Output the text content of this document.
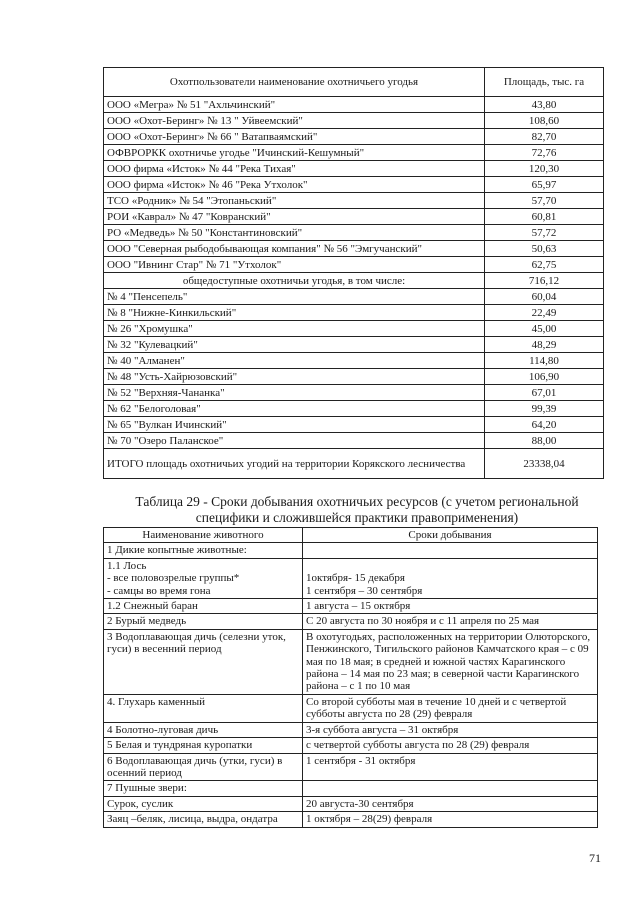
Охотпользователи наименование охотничьего угодья	Площадь, тыс. га
ООО «Мегра» № 51 "Ахльчинский"	43,80
ООО «Охот-Беринг» № 13 " Уйвеемский"	108,60
ООО «Охот-Беринг» № 66 " Ватапваямский"	82,70
ОФВРОРКК охотничье угодье "Ичинский-Кешумный"	72,76
ООО фирма «Исток» № 44 "Река Тихая"	120,30
ООО фирма «Исток» № 46 "Река Утхолок"	65,97
ТСО «Родник» № 54 "Этопаньский"	57,70
РОИ «Каврал» № 47 "Ковранский"	60,81
РО «Медведь» № 50 "Константиновский"	57,72
ООО "Северная рыбодобывающая компания" № 56 "Эмгучанский"	50,63
ООО "Ивнинг Стар" № 71 "Утхолок"	62,75
общедоступные охотничьи угодья, в том числе:	716,12
№ 4 "Пенсепель"	60,04
№ 8 "Нижне-Кинкильский"	22,49
№ 26 "Хромушка"	45,00
№ 32 "Кулевацкий"	48,29
№ 40 "Алманен"	114,80
№ 48 "Усть-Хайрюзовский"	106,90
№ 52 "Верхняя-Чананка"	67,01
№ 62 "Белоголовая"	99,39
№ 65 "Вулкан Ичинский"	64,20
№ 70 "Озеро Паланское"	88,00
ИТОГО площадь охотничьих угодий на территории Корякского лесничества	23338,04
Таблица 29 - Сроки добывания охотничьих ресурсов (с учетом региональной специфики и сложившейся практики правоприменения)
Наименование животного	Сроки добывания
1 Дикие копытные животные:	
1.1 Лось
- все половозрелые группы*
- самцы во время гона	1октября- 15 декабря
1 сентября – 30 сентября
1.2 Снежный баран	1 августа – 15 октября
2 Бурый медведь	С 20 августа по 30 ноября и с 11 апреля по 25 мая
3 Водоплавающая дичь (селезни уток, гуси) в весенний период	В охотугодьях, расположенных на территории Олюторского, Пенжинского, Тигильского районов Камчатского края – с 09 мая по 18 мая; в средней и южной частях Карагинского района – 14 мая по 23 мая; в северной части Карагинского района – с 1 по 10 мая
4. Глухарь каменный	Со второй субботы мая в течение 10 дней и с четвертой субботы августа по 28 (29) февраля
4 Болотно-луговая дичь	3-я суббота августа – 31 октября
5 Белая и тундряная куропатки	с четвертой субботы августа по 28 (29) февраля
6 Водоплавающая дичь (утки, гуси) в осенний период	1 сентября - 31 октября
7 Пушные звери:	
Сурок, суслик	20 августа-30 сентября
Заяц –беляк, лисица, выдра, ондатра	1 октября – 28(29) февраля
71
